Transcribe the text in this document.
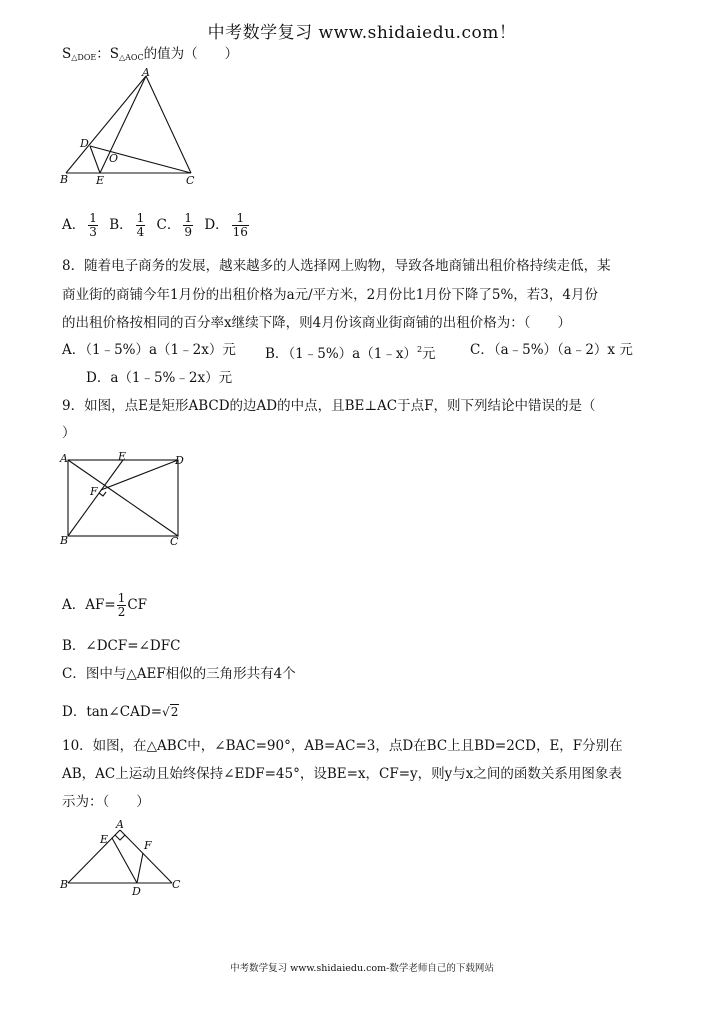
中考数学复习 www.shidaiedu.com！
$S_{\triangle DOE}$：$S_{\triangle AOC}$的值为（　　）
A
D
O
B	E	C
A． $\frac{1}{3}$ B． $\frac{1}{4}$ C． $\frac{1}{9}$ D． $\frac{1}{16}$
8．随着电子商务的发展，越来越多的人选择网上购物，导致各地商铺出租价格持续走低，某
商业街的商铺今年1月份的出租价格为a元/平方米，2月份比1月份下降了5%，若3，4月份
的出租价格按相同的百分率x继续下降，则4月份该商业街商铺的出租价格为：（　　）
A．（1﹣5%）a（1﹣2x）元 B．（1﹣5%）a（1﹣x）$^2$元	C．（a﹣5%）（a﹣2）x 元
D．a（1﹣5%﹣2x）元
9．如图，点E是矩形ABCD的边AD的中点，且BE⊥AC于点F，则下列结论中错误的是（
）
A	E	D
F
B	C
A．$AF= \frac{1}{2}$ CF
B．∠DCF=∠DFC
C．图中与△AEF相似的三角形共有4个
D．tan∠CAD=√2
10．如图，在△ABC中，∠BAC=90°，AB=AC=3，点D在BC上且BD=2CD，E，F分别在
AB，AC上运动且始终保持∠EDF=45°，设BE=x，CF=y，则y与x之间的函数关系用图象表
示为：（　　）
A
E	F
B
D
C
中考数学复习 www.shidaiedu.com-数学老师自己的下载网站
